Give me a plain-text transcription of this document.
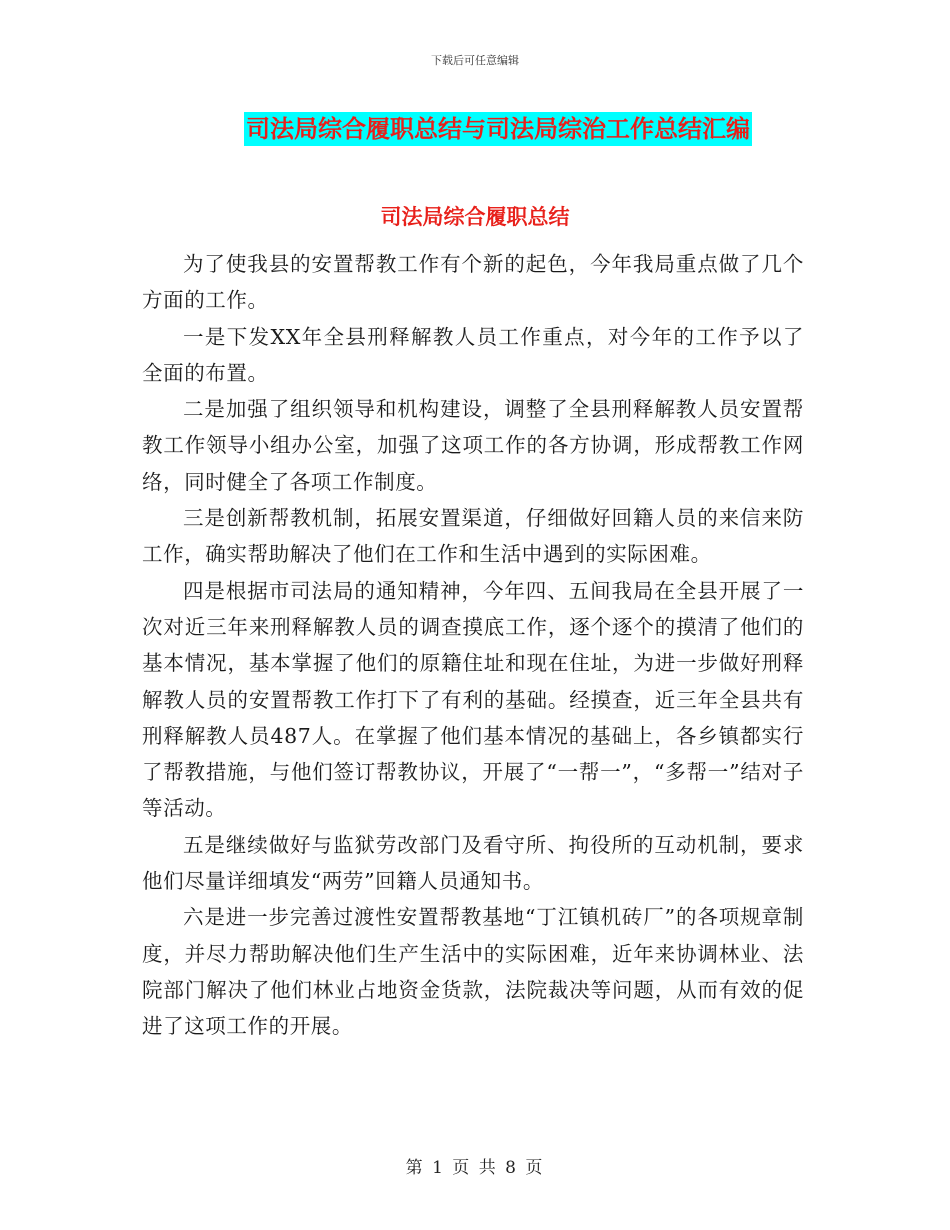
下载后可任意编辑
司法局综合履职总结与司法局综治工作总结汇编
司法局综合履职总结

为了使我县的安置帮教工作有个新的起色，今年我局重点做了几个方面的工作。

一是下发XX年全县刑释解教人员工作重点，对今年的工作予以了全面的布置。

二是加强了组织领导和机构建设，调整了全县刑释解教人员安置帮教工作领导小组办公室，加强了这项工作的各方协调，形成帮教工作网络，同时健全了各项工作制度。

三是创新帮教机制，拓展安置渠道，仔细做好回籍人员的来信来防工作，确实帮助解决了他们在工作和生活中遇到的实际困难。

四是根据市司法局的通知精神，今年四、五间我局在全县开展了一次对近三年来刑释解教人员的调查摸底工作，逐个逐个的摸清了他们的基本情况，基本掌握了他们的原籍住址和现在住址，为进一步做好刑释解教人员的安置帮教工作打下了有利的基础。经摸查，近三年全县共有刑释解教人员487人。在掌握了他们基本情况的基础上，各乡镇都实行了帮教措施，与他们签订帮教协议，开展了“一帮一”，“多帮一”结对子等活动。

五是继续做好与监狱劳改部门及看守所、拘役所的互动机制，要求他们尽量详细填发“两劳”回籍人员通知书。

六是进一步完善过渡性安置帮教基地“丁江镇机砖厂”的各项规章制度，并尽力帮助解决他们生产生活中的实际困难，近年来协调林业、法院部门解决了他们林业占地资金货款，法院裁决等问题，从而有效的促进了这项工作的开展。

第 1 页 共 8 页
